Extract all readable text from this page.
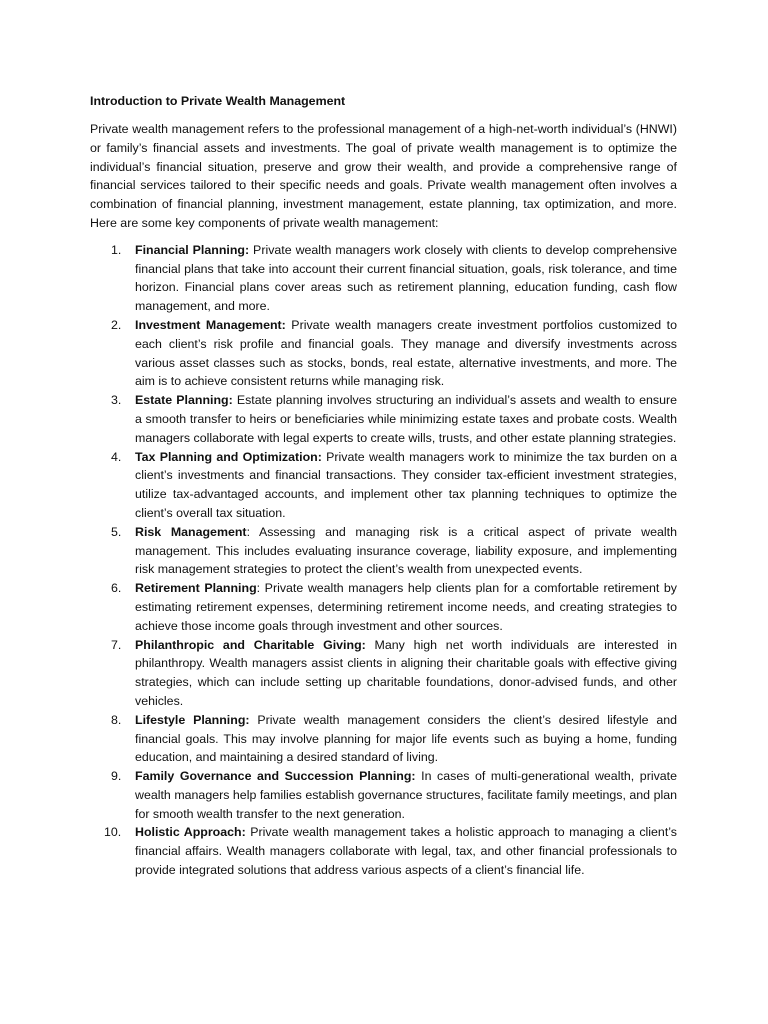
Introduction to Private Wealth Management

Private wealth management refers to the professional management of a high-net-worth individual’s (HNWI) or family’s financial assets and investments. The goal of private wealth management is to optimize the individual’s financial situation, preserve and grow their wealth, and provide a comprehensive range of financial services tailored to their specific needs and goals. Private wealth management often involves a combination of financial planning, investment management, estate planning, tax optimization, and more. Here are some key components of private wealth management:

1. Financial Planning: Private wealth managers work closely with clients to develop comprehensive financial plans that take into account their current financial situation, goals, risk tolerance, and time horizon. Financial plans cover areas such as retirement planning, education funding, cash flow management, and more.
2. Investment Management: Private wealth managers create investment portfolios customized to each client’s risk profile and financial goals. They manage and diversify investments across various asset classes such as stocks, bonds, real estate, alternative investments, and more. The aim is to achieve consistent returns while managing risk.
3. Estate Planning: Estate planning involves structuring an individual’s assets and wealth to ensure a smooth transfer to heirs or beneficiaries while minimizing estate taxes and probate costs. Wealth managers collaborate with legal experts to create wills, trusts, and other estate planning strategies.
4. Tax Planning and Optimization: Private wealth managers work to minimize the tax burden on a client’s investments and financial transactions. They consider tax-efficient investment strategies, utilize tax-advantaged accounts, and implement other tax planning techniques to optimize the client’s overall tax situation.
5. Risk Management: Assessing and managing risk is a critical aspect of private wealth management. This includes evaluating insurance coverage, liability exposure, and implementing risk management strategies to protect the client’s wealth from unexpected events.
6. Retirement Planning: Private wealth managers help clients plan for a comfortable retirement by estimating retirement expenses, determining retirement income needs, and creating strategies to achieve those income goals through investment and other sources.
7. Philanthropic and Charitable Giving: Many high net worth individuals are interested in philanthropy. Wealth managers assist clients in aligning their charitable goals with effective giving strategies, which can include setting up charitable foundations, donor-advised funds, and other vehicles.
8. Lifestyle Planning: Private wealth management considers the client’s desired lifestyle and financial goals. This may involve planning for major life events such as buying a home, funding education, and maintaining a desired standard of living.
9. Family Governance and Succession Planning: In cases of multi-generational wealth, private wealth managers help families establish governance structures, facilitate family meetings, and plan for smooth wealth transfer to the next generation.
10. Holistic Approach: Private wealth management takes a holistic approach to managing a client’s financial affairs. Wealth managers collaborate with legal, tax, and other financial professionals to provide integrated solutions that address various aspects of a client’s financial life.
